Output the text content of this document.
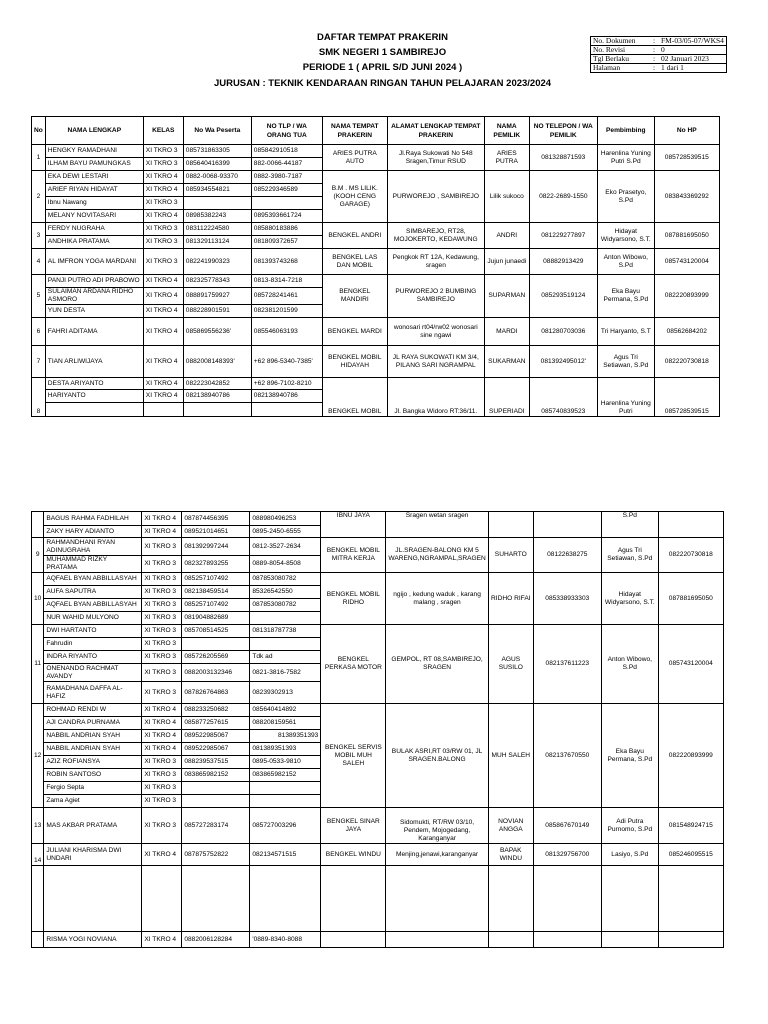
DAFTAR TEMPAT PRAKERIN
SMK NEGERI 1 SAMBIREJO
PERIODE 1 ( APRIL S/D JUNI 2024 )
JURUSAN : TEKNIK KENDARAAN RINGAN TAHUN PELAJARAN 2023/2024
No. Dokumen	:	FM-03/05-07/WKS4
No. Revisi	:	0
Tgl Berlaku	:	02 Januari 2023
Halaman	:	1 dari 1
No	NAMA LENGKAP	KELAS	No Wa Peserta	NO TLP / WA ORANG TUA	NAMA TEMPAT PRAKERIN	ALAMAT LENGKAP TEMPAT PRAKERIN	NAMA PEMILIK	NO TELEPON / WA PEMILIK	Pembimbing	No HP
1	HENGKY RAMADHANI	XI TKRO 3	085731863305	085842910518	ARIES PUTRA AUTO	Jl.Raya Sukowati No 548 Sragen,Timur RSUD	ARIES PUTRA	081328871593	Harenlina Yuning Putri S.Pd	085728539515
	ILHAM BAYU PAMUNGKAS	XI TKRO 3	085640416399	882-0066-44187						
2	EKA DEWI LESTARI	XI TKRO 4	0882-0068-93370	0882-3980-7187	B.M . MS LILIK. (KOOH CENG GARAGE)	PURWOREJO , SAMBIREJO	Lilik sukoco	0822-2689-1550	Eko Prasetyo, S.Pd	083843369292
	ARIEF RIYAN HIDAYAT	XI TKRO 4	085934554821	085229346589						
	Ibnu Nawang	XI TKRO 3								
	MELANY NOVITASARI	XI TKRO 4	08985382243	0895393661724						
3	FERDY NUGRAHA	XI TKRO 3	083112224580	085880183886	BENGKEL ANDRI	SIMBAREJO, RT28, MOJOKERTO, KEDAWUNG	ANDRI	081229277897	Hidayat Widyarsono, S.T.	087881695050
	ANDHIKA PRATAMA	XI TKRO 3	081329113124	081809372657						
4	AL IMFRON YOGA MARDANI	XI TKRO 3	082241990323	081393743268	BENGKEL LAS DAN MOBIL	Pengkok RT 12A, Kedawung, sragen	Jujun junaedi	08882913429	Anton Wibowo, S.Pd	085743120004
5	PANJI PUTRO ADI PRABOWO	XI TKRO 4	082325778343	0813-8314-7218	BENGKEL MANDIRI	PURWOREJO 2 BUMBING SAMBIREJO	SUPARMAN	085293519124	Eka Bayu Permana, S.Pd	082220893999
	SULAIMAN ARDANA RIDHO ASMORO	XI TKRO 4	088891759927	085728241461						
	YUN DESTA	XI TKRO 4	088228901591	082381201599						
6	FAHRI ADITAMA	XI TKRO 4	085869556236'	085546063193	BENGKEL MARDI	wonosari rt04/rw02 wonosari sine ngawi	MARDI	081280703036	Tri Haryanto, S.T	08562684202
7	TIAN ARLIWIJAYA	XI TKRO 4	0882008148393'	+62 896-5340-7385'	BENGKEL MOBIL HIDAYAH	JL RAYA SUKOWATI KM 3/4, PILANG SARI NGRAMPAL	SUKARMAN	081392495012'	Agus Tri Setiawan, S.Pd	082220730818
8	DESTA ARIYANTO	XI TKRO 4	082223042852	+62 896-7102-8210	BENGKEL MOBIL	Jl. Bangka Widoro RT:36/11.	SUPERIADI	085740839523	Harenlina Yuning Putri	085728539515
	HARIYANTO	XI TKRO 4	082138940786	082138940786						

	BAGUS RAHMA FADHILAH	XI TKRO 4	087874456395	088980496253	IBNU JAYA	Sragen wetan sragen			S.Pd	
	ZAKY HARY ADIANTO	XI TKRO 4	089521014651	0895-2450-6555						
9	RAHMANDHANI RYAN ADINUGRAHA	XI TKRO 3	081392997244	0812-3527-2634	BENGKEL MOBIL MITRA KERJA	JL.SRAGEN-BALONG KM 5 WARENG,NGRAMPAL,SRAGEN	SUHARTO	08122638275	Agus Tri Setiawan, S.Pd	082220730818
	MUHAMMAD RIZKY PRATAMA	XI TKRO 3	082327893255	0889-8054-8508						
10	AQFAEL BYAN ABBILLASYAH	XI TKRO 3	085257107492	087853080782	BENGKEL MOBIL RIDHO	ngijo , kedung waduk , karang malang , sragen	RIDHO RIFAI	085338933303	Hidayat Widyarsono, S.T.	087881695050
	AUFA SAPUTRA	XI TKRO 3	082138459514	85326542550						
	AQFAEL BYAN ABBILLASYAH	XI TKRO 3	085257107492	087853080782						
	NUR WAHID MULYONO	XI TKRO 3	081904882689							
11	DWI HARTANTO	XI TKRO 3	085708514525	081318787738	BENGKEL PERKASA MOTOR	GEMPOL, RT 08,SAMBIREJO, SRAGEN	AGUS SUSILO	082137611223	Anton Wibowo, S.Pd	085743120004
	Fahrudin	XI TKRO 3								
	INDRA RIYANTO	XI TKRO 3	085726205569	Tdk ad						
	ONENANDO RACHMAT AVANDY	XI TKRO 3	0882003132346	0821-3816-7582						
	RAMADHANA DAFFA AL-HAFIZ	XI TKRO 3	087826764863	0823930291З						
12	ROHMAD RENDI W	XI TKRO 4	088233250682	085640414892	BENGKEL SERVIS MOBIL MUH SALEH	BULAK ASRI,RT 03/RW 01, JL SRAGEN.BALONG	MUH SALEH	082137670550	Eka Bayu Permana, S.Pd	082220893999
	AJI CANDRA PURNAMA	XI TKRO 4	085877257615	088208159561						
	NABBIL ANDRIAN SYAH	XI TKRO 4	089522985067	81389351393						
	NABBIL ANDRIAN SYAH	XI TKRO 4	089522985067	081389351393						
	AZIZ ROFIANSYA	XI TKRO 3	088239537515	0895-0533-9810						
	ROBIN SANTOSO	XI TKRO 3	083865982152	083865982152						
	Fergio Septa	XI TKRO 3								
	Zama Agiet	XI TKRO 3								
13	MAS AKBAR PRATAMA	XI TKRO 3	085727283174	085727003296	BENGKEL SINAR JAYA	Sidomukti, RT/RW 03/10, Pendem, Mojogedang, Karanganyar	NOVIAN ANGGA	085867670149	Adi Putra Purnomo, S.Pd	081548924715
14	JULIANI KHARISMA DWI UNDARI	XI TKRO 4	087875752822	082134571515	BENGKEL WINDU	Menjing,jenawi,karanganyar	BAPAK WINDU	081329756700	Lasiyo, S.Pd	085246095515

	RISMA YOGI NOVIANA	XI TKRO 4	0882006128284	'0889-8340-8088						
